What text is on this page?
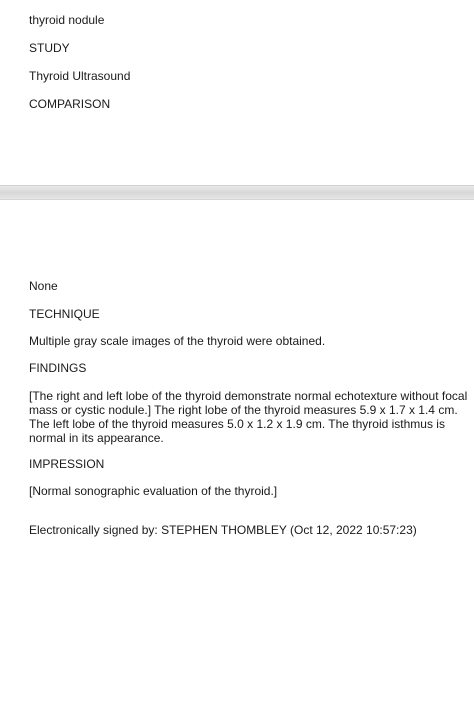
thyroid nodule
STUDY
Thyroid Ultrasound
COMPARISON
None
TECHNIQUE
Multiple gray scale images of the thyroid were obtained.
FINDINGS
[The right and left lobe of the thyroid demonstrate normal echotexture without focal mass or cystic nodule.] The right lobe of the thyroid measures 5.9 x 1.7 x 1.4 cm. The left lobe of the thyroid measures 5.0 x 1.2 x 1.9 cm. The thyroid isthmus is normal in its appearance.
IMPRESSION
[Normal sonographic evaluation of the thyroid.]
Electronically signed by: STEPHEN THOMBLEY (Oct 12, 2022 10:57:23)
